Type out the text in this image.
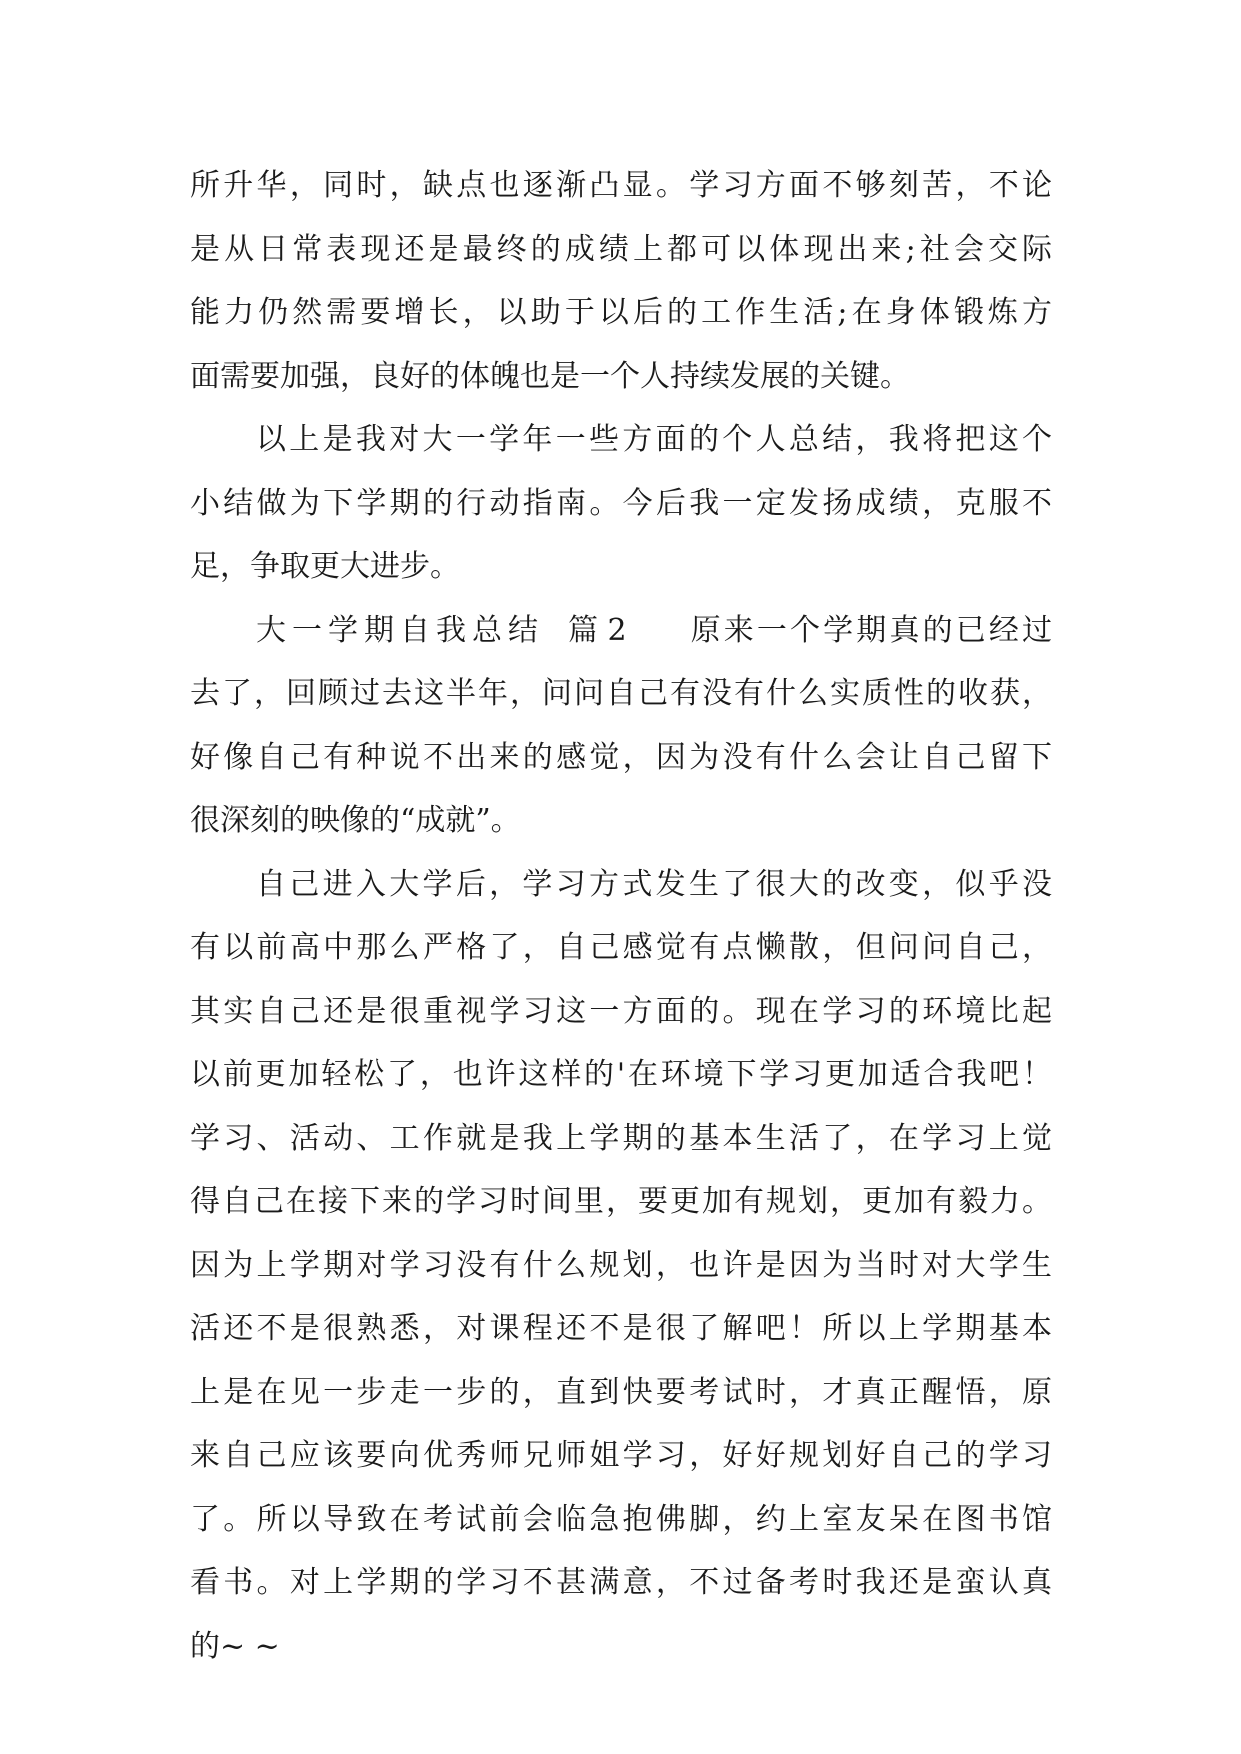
所升华，同时，缺点也逐渐凸显。学习方面不够刻苦，不论
是从日常表现还是最终的成绩上都可以体现出来;社会交际
能力仍然需要增长，以助于以后的工作生活;在身体锻炼方
面需要加强，良好的体魄也是一个人持续发展的关键。
以上是我对大一学年一些方面的个人总结，我将把这个
小结做为下学期的行动指南。今后我一定发扬成绩，克服不
足，争取更大进步。
大一学期自我总结 篇 2 原来一个学期真的已经过
去了，回顾过去这半年，问问自己有没有什么实质性的收获，
好像自己有种说不出来的感觉，因为没有什么会让自己留下
很深刻的映像的“成就”。
自己进入大学后，学习方式发生了很大的改变，似乎没
有以前高中那么严格了，自己感觉有点懒散，但问问自己，
其实自己还是很重视学习这一方面的。现在学习的环境比起
以前更加轻松了，也许这样的'在环境下学习更加适合我吧！
学习、活动、工作就是我上学期的基本生活了，在学习上觉
得自己在接下来的学习时间里，要更加有规划，更加有毅力。
因为上学期对学习没有什么规划，也许是因为当时对大学生
活还不是很熟悉，对课程还不是很了解吧！所以上学期基本
上是在见一步走一步的，直到快要考试时，才真正醒悟，原
来自己应该要向优秀师兄师姐学习，好好规划好自己的学习
了。所以导致在考试前会临急抱佛脚，约上室友呆在图书馆
看书。对上学期的学习不甚满意，不过备考时我还是蛮认真
的~ ~
